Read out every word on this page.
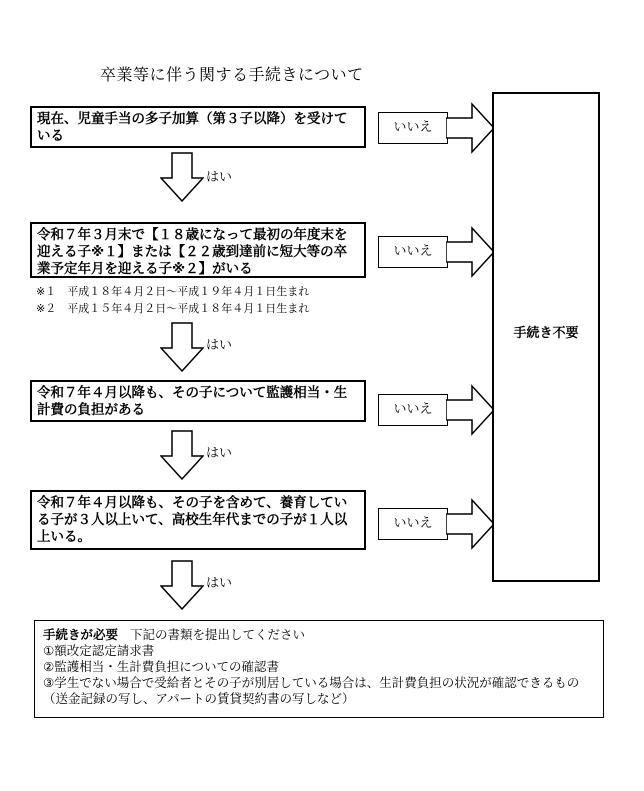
卒業等に伴う関する手続きについて
現在、児童手当の多子加算（第３子以降）を受けている
いいえ
はい
令和７年３月末で【１８歳になって最初の年度末を迎える子※１】または【２２歳到達前に短大等の卒業予定年月を迎える子※２】がいる
いいえ
※１　平成１８年４月２日～平成１９年４月１日生まれ
※２　平成１５年４月２日～平成１８年４月１日生まれ
はい
令和７年４月以降も、その子について監護相当・生計費の負担がある	いいえ
はい
令和７年４月以降も、その子を含めて、養育している子が３人以上いて、高校生年代までの子が１人以上いる。
いいえ
はい
手続き不要
手続きが必要 下記の書類を提出してください
①額改定認定請求書
②監護相当・生計費負担についての確認書
③学生でない場合で受給者とその子が別居している場合は、生計費負担の状況が確認できるもの（送金記録の写し、アパートの賃貸契約書の写しなど）
